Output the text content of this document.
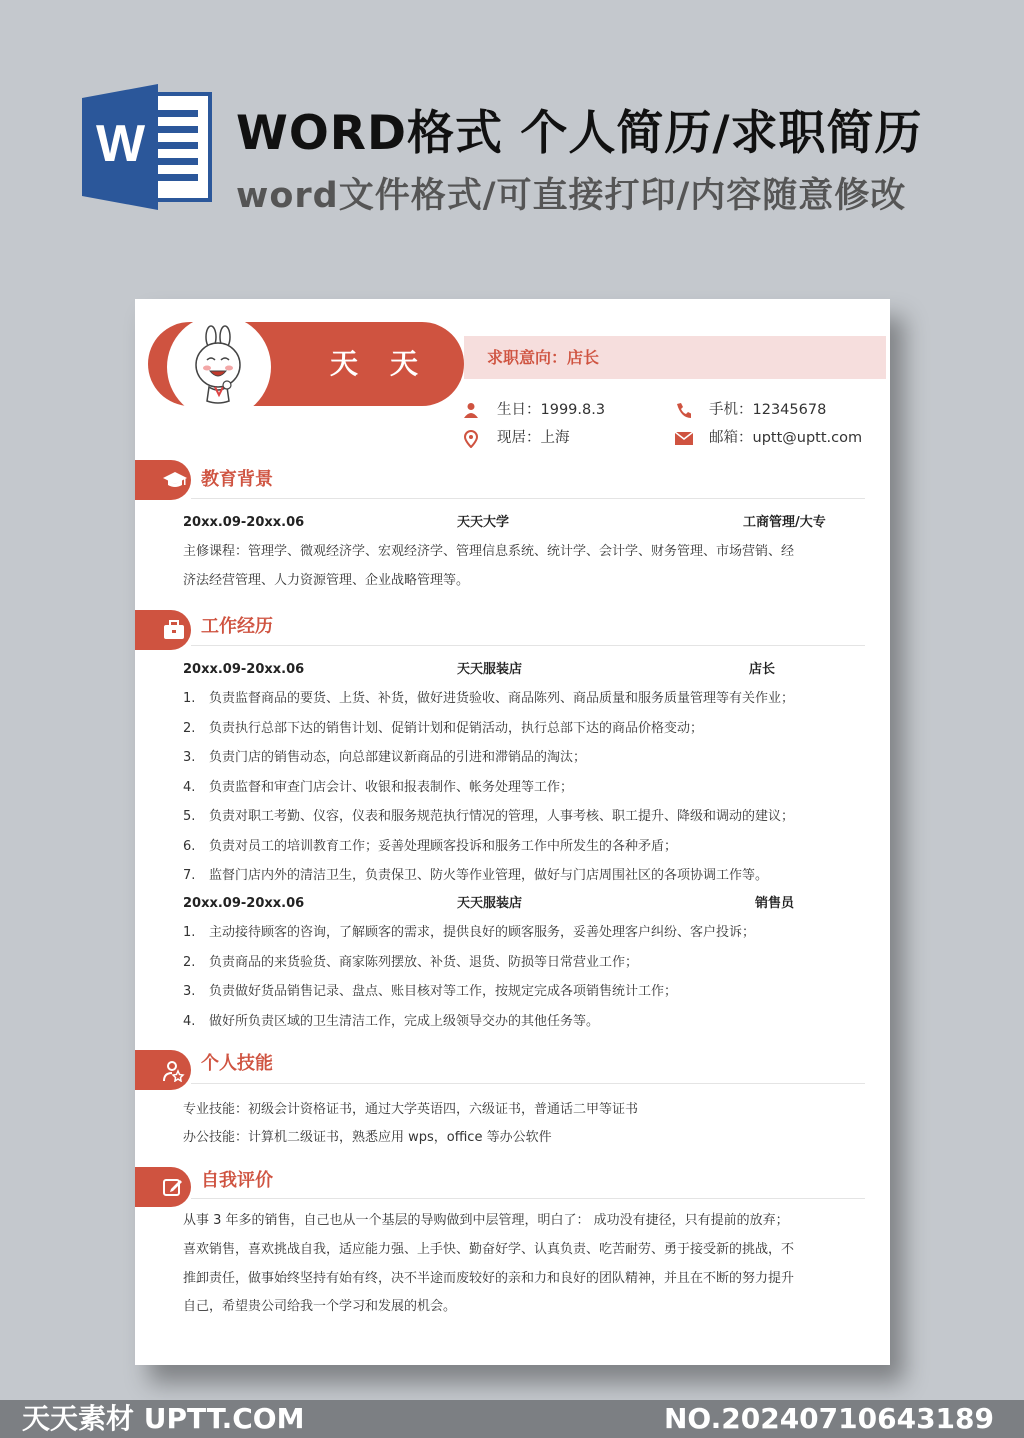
W WORD格式 个人简历/求职简历
word文件格式/可直接打印/内容随意修改
天　天	求职意向：店长
生日：1999.8.3	手机：12345678
现居：上海	邮箱：uptt@uptt.com
教育背景
20xx.09-20xx.06	天天大学	工商管理/大专
主修课程：管理学、微观经济学、宏观经济学、管理信息系统、统计学、会计学、财务管理、市场营销、经
济法经营管理、人力资源管理、企业战略管理等。
工作经历
20xx.09-20xx.06	天天服装店	店长
1. 负责监督商品的要货、上货、补货，做好进货验收、商品陈列、商品质量和服务质量管理等有关作业；
2. 负责执行总部下达的销售计划、促销计划和促销活动，执行总部下达的商品价格变动；
3. 负责门店的销售动态，向总部建议新商品的引进和滞销品的淘汰；
4. 负责监督和审查门店会计、收银和报表制作、帐务处理等工作；
5. 负责对职工考勤、仪容，仪表和服务规范执行情况的管理，人事考核、职工提升、降级和调动的建议；
6. 负责对员工的培训教育工作；妥善处理顾客投诉和服务工作中所发生的各种矛盾；
7. 监督门店内外的清洁卫生，负责保卫、防火等作业管理，做好与门店周围社区的各项协调工作等。
20xx.09-20xx.06	天天服装店	销售员
1. 主动接待顾客的咨询，了解顾客的需求，提供良好的顾客服务，妥善处理客户纠纷、客户投诉；
2. 负责商品的来货验货、商家陈列摆放、补货、退货、防损等日常营业工作；
3. 负责做好货品销售记录、盘点、账目核对等工作，按规定完成各项销售统计工作；
4. 做好所负责区域的卫生清洁工作，完成上级领导交办的其他任务等。
个人技能
专业技能：初级会计资格证书，通过大学英语四，六级证书，普通话二甲等证书
办公技能：计算机二级证书，熟悉应用 wps，office 等办公软件
自我评价
从事 3 年多的销售，自己也从一个基层的导购做到中层管理，明白了： 成功没有捷径，只有提前的放弃；
喜欢销售，喜欢挑战自我，适应能力强、上手快、勤奋好学、认真负责、吃苦耐劳、勇于接受新的挑战，不
推卸责任，做事始终坚持有始有终，决不半途而废较好的亲和力和良好的团队精神，并且在不断的努力提升
自己，希望贵公司给我一个学习和发展的机会。
天天素材 UPTT.COM	NO.20240710643189
